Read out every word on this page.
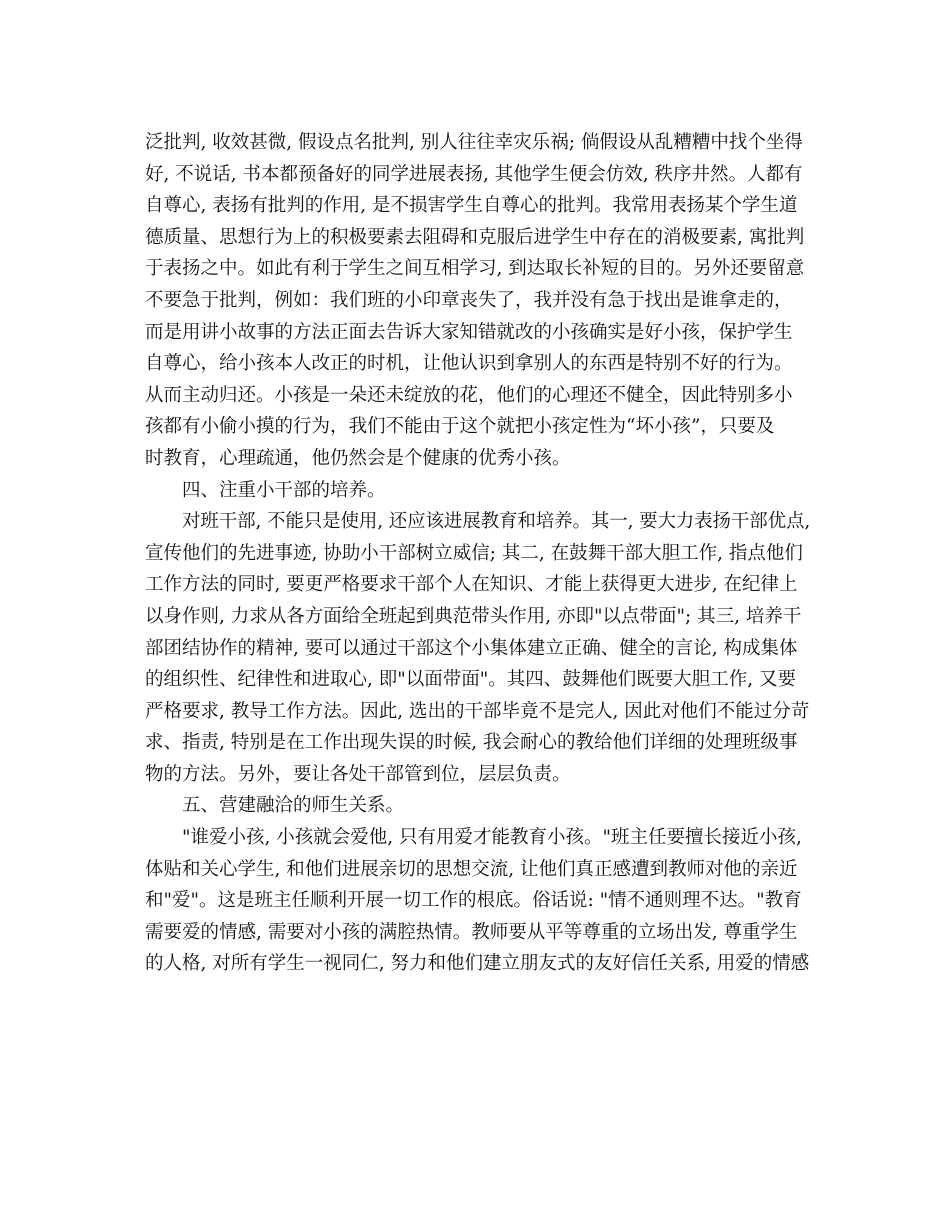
泛批判, 收效甚微, 假设点名批判, 别人往往幸灾乐祸; 倘假设从乱糟糟中找个坐得
好, 不说话, 书本都预备好的同学进展表扬, 其他学生便会仿效, 秩序井然。人都有
自尊心, 表扬有批判的作用, 是不损害学生自尊心的批判。我常用表扬某个学生道
德质量、思想行为上的积极要素去阻碍和克服后进学生中存在的消极要素, 寓批判
于表扬之中。如此有利于学生之间互相学习, 到达取长补短的目的。另外还要留意
不要急于批判，例如：我们班的小印章丧失了，我并没有急于找出是谁拿走的，
而是用讲小故事的方法正面去告诉大家知错就改的小孩确实是好小孩，保护学生
自尊心，给小孩本人改正的时机，让他认识到拿别人的东西是特别不好的行为。
从而主动归还。小孩是一朵还未绽放的花，他们的心理还不健全，因此特别多小
孩都有小偷小摸的行为，我们不能由于这个就把小孩定性为“坏小孩”，只要及
时教育，心理疏通，他仍然会是个健康的优秀小孩。
四、注重小干部的培养。
对班干部, 不能只是使用, 还应该进展教育和培养。其一, 要大力表扬干部优点,
宣传他们的先进事迹, 协助小干部树立威信; 其二, 在鼓舞干部大胆工作, 指点他们
工作方法的同时, 要更严格要求干部个人在知识、才能上获得更大进步, 在纪律上
以身作则, 力求从各方面给全班起到典范带头作用, 亦即"以点带面"; 其三, 培养干
部团结协作的精神, 要可以通过干部这个小集体建立正确、健全的言论, 构成集体
的组织性、纪律性和进取心, 即"以面带面"。其四、鼓舞他们既要大胆工作, 又要
严格要求, 教导工作方法。因此, 选出的干部毕竟不是完人, 因此对他们不能过分苛
求、指责, 特别是在工作出现失误的时候, 我会耐心的教给他们详细的处理班级事
物的方法。另外，要让各处干部管到位，层层负责。
五、营建融洽的师生关系。
"谁爱小孩, 小孩就会爱他, 只有用爱才能教育小孩。"班主任要擅长接近小孩,
体贴和关心学生, 和他们进展亲切的思想交流, 让他们真正感遭到教师对他的亲近
和"爱"。这是班主任顺利开展一切工作的根底。俗话说: "情不通则理不达。"教育
需要爱的情感, 需要对小孩的满腔热情。教师要从平等尊重的立场出发, 尊重学生
的人格, 对所有学生一视同仁, 努力和他们建立朋友式的友好信任关系, 用爱的情感
